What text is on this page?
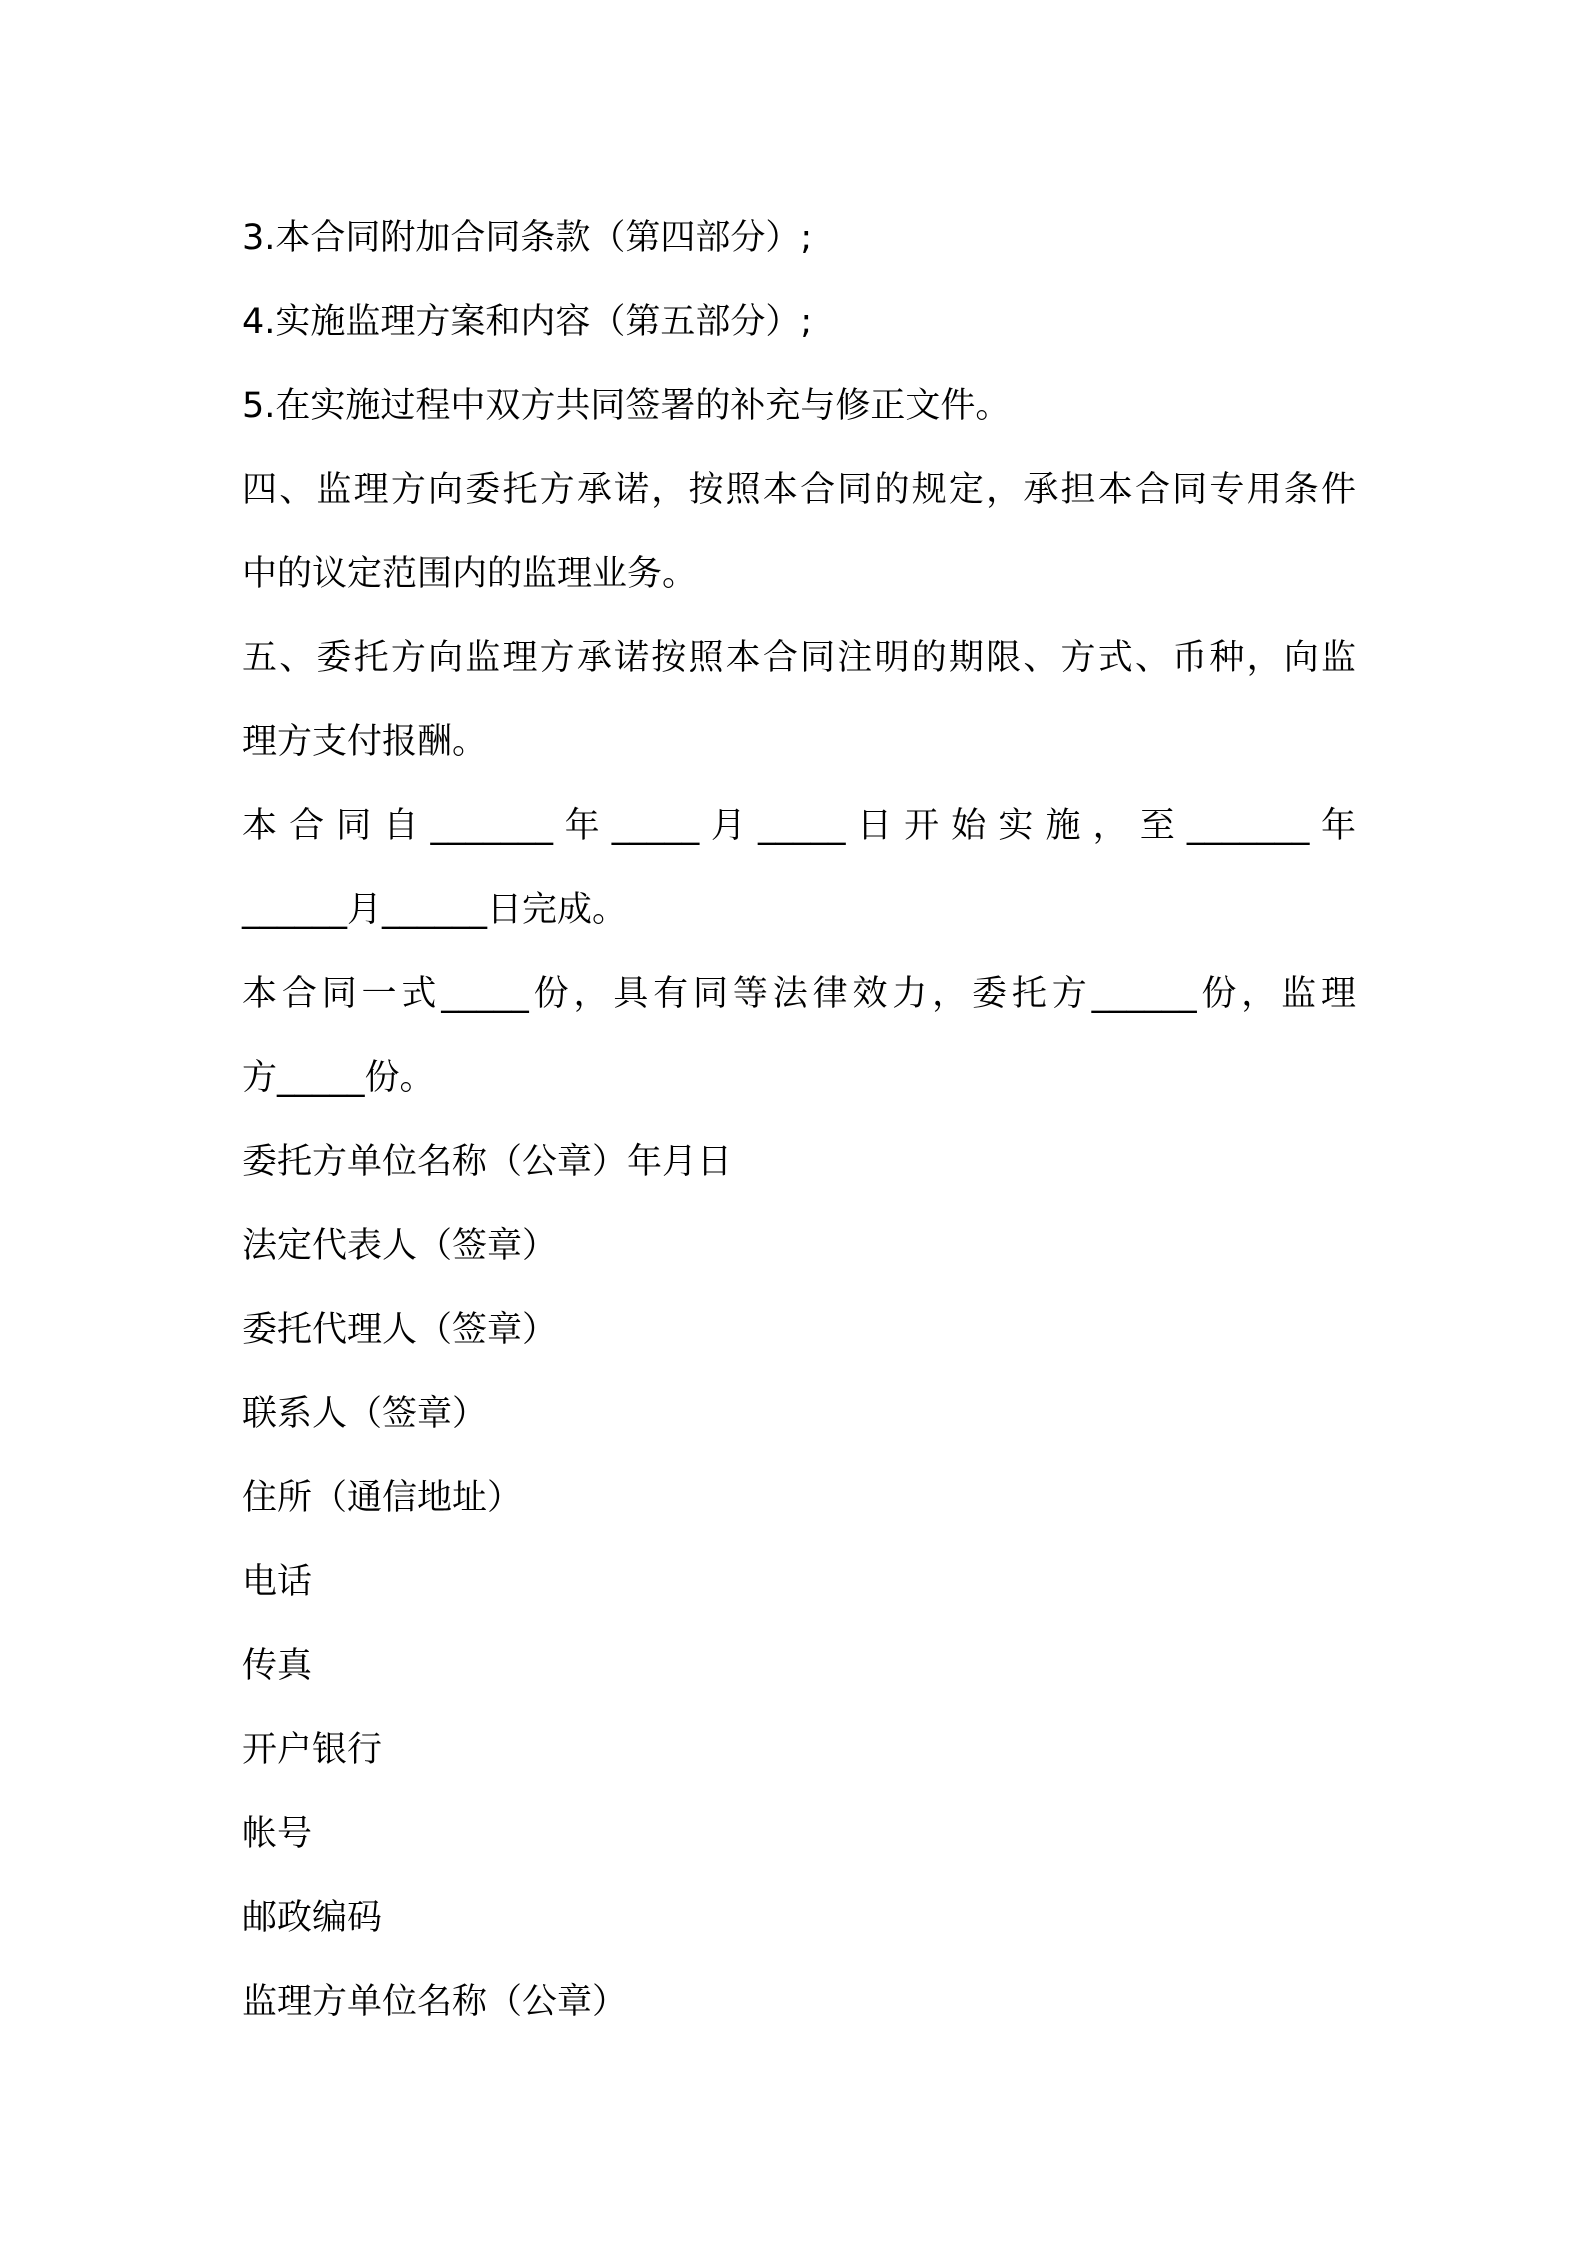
3.本合同附加合同条款（第四部分）;
4.实施监理方案和内容（第五部分）;
5.在实施过程中双方共同签署的补充与修正文件。
四、监理方向委托方承诺，按照本合同的规定，承担本合同专用条件
中的议定范围内的监理业务。
五、委托方向监理方承诺按照本合同注明的期限、方式、币种，向监
理方支付报酬。
本 合 同 自 _______ 年 _____ 月 _____ 日 开 始 实 施 ， 至 _______ 年
______月______日完成。
本合同一式_____份，具有同等法律效力，委托方______份，监理
方_____份。
委托方单位名称（公章）年月日
法定代表人（签章）
委托代理人（签章）
联系人（签章）
住所（通信地址）
电话
传真
开户银行
帐号
邮政编码
监理方单位名称（公章）
